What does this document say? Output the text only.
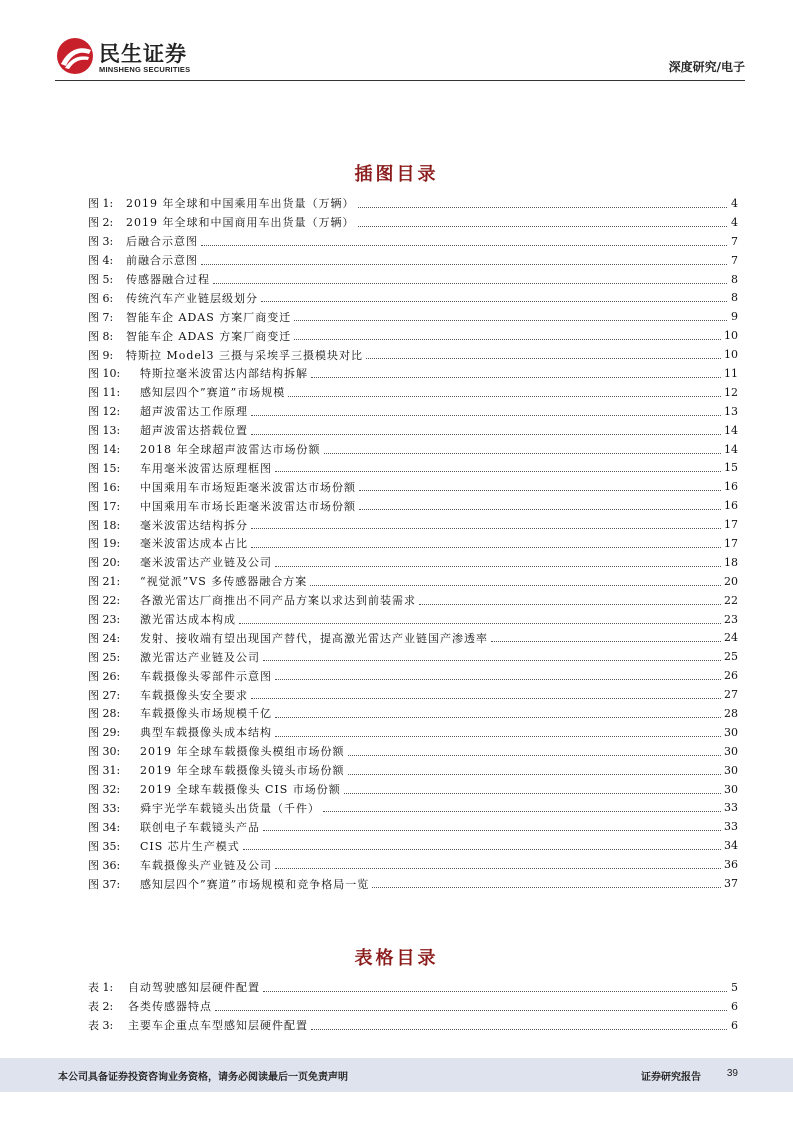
民生证券
MINSHENG SECURITIES	深度研究/电子
插图目录
图 1:	2019 年全球和中国乘用车出货量（万辆）	4
图 2:	2019 年全球和中国商用车出货量（万辆）	4
图 3:	后融合示意图	7
图 4:	前融合示意图	7
图 5:	传感器融合过程	8
图 6:	传统汽车产业链层级划分	8
图 7:	智能车企 ADAS 方案厂商变迁	9
图 8:	智能车企 ADAS 方案厂商变迁	10
图 9:	特斯拉 Model3 三摄与采埃孚三摄模块对比	10
图 10:	特斯拉毫米波雷达内部结构拆解	11
图 11:	感知层四个”赛道”市场规模	12
图 12:	超声波雷达工作原理	13
图 13:	超声波雷达搭载位置	14
图 14:	2018 年全球超声波雷达市场份额	14
图 15:	车用毫米波雷达原理框图	15
图 16:	中国乘用车市场短距毫米波雷达市场份额	16
图 17:	中国乘用车市场长距毫米波雷达市场份额	16
图 18:	毫米波雷达结构拆分	17
图 19:	毫米波雷达成本占比	17
图 20:	毫米波雷达产业链及公司	18
图 21:	“视觉派”VS 多传感器融合方案	20
图 22:	各激光雷达厂商推出不同产品方案以求达到前装需求	22
图 23:	激光雷达成本构成	23
图 24:	发射、接收端有望出现国产替代，提高激光雷达产业链国产渗透率	24
图 25:	激光雷达产业链及公司	25
图 26:	车载摄像头零部件示意图	26
图 27:	车载摄像头安全要求	27
图 28:	车载摄像头市场规模千亿	28
图 29:	典型车载摄像头成本结构	30
图 30:	2019 年全球车载摄像头模组市场份额	30
图 31:	2019 年全球车载摄像头镜头市场份额	30
图 32:	2019 全球车载摄像头 CIS 市场份额	30
图 33:	舜宇光学车载镜头出货量（千件）	33
图 34:	联创电子车载镜头产品	33
图 35:	CIS 芯片生产模式	34
图 36:	车载摄像头产业链及公司	36
图 37:	感知层四个”赛道”市场规模和竞争格局一览	37
表格目录
表 1:	自动驾驶感知层硬件配置	5
表 2:	各类传感器特点	6
表 3:	主要车企重点车型感知层硬件配置	6
本公司具备证券投资咨询业务资格，请务必阅读最后一页免责声明	证券研究报告	39
